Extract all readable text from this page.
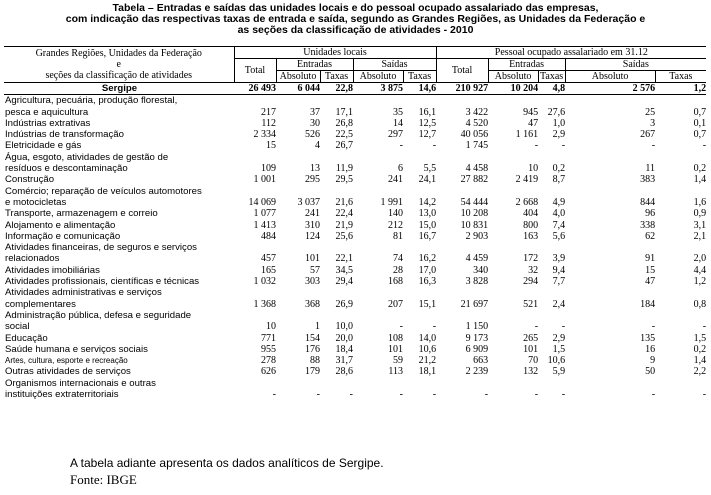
Tabela – Entradas e saídas das unidades locais e do pessoal ocupado assalariado das empresas,
com indicação das respectivas taxas de entrada e saída, segundo as Grandes Regiões, as Unidades da Federação e
as seções da classificação de atividades - 2010
Grandes Regiões, Unidades da Federação
e
seções da classificação de atividades	Unidades locais					Pessoal ocupado assalariado em 31.12				
	Total	Entradas		Saídas		Total	Entradas		Saídas	
		Absoluto	Taxas	Absoluto	Taxas		Absoluto	Taxas	Absoluto	Taxas

Sergipe	26 493	6 044	22,8	3 875	14,6	210 927	10 204	4,8	2 576	1,2

Agricultura, pecuária, produção florestal,
pesca e aquicultura	217	37	17,1	35	16,1	3 422	945	27,6	25	0,7

Indústrias extrativas	112	30	26,8	14	12,5	4 520	47	1,0	3	0,1

Indústrias de transformação	2 334	526	22,5	297	12,7	40 056	1 161	2,9	267	0,7

Eletricidade e gás	15	4	26,7	-	-	1 745	-	-	-	-

Água, esgoto, atividades de gestão de
resíduos e descontaminação	109	13	11,9	6	5,5	4 458	10	0,2	11	0,2

Construção	1 001	295	29,5	241	24,1	27 882	2 419	8,7	383	1,4

Comércio; reparação de veículos automotores
e motocicletas	14 069	3 037	21,6	1 991	14,2	54 444	2 668	4,9	844	1,6

Transporte, armazenagem e correio	1 077	241	22,4	140	13,0	10 208	404	4,0	96	0,9

Alojamento e alimentação	1 413	310	21,9	212	15,0	10 831	800	7,4	338	3,1

Informação e comunicação	484	124	25,6	81	16,7	2 903	163	5,6	62	2,1

Atividades financeiras, de seguros e serviços
relacionados	457	101	22,1	74	16,2	4 459	172	3,9	91	2,0

Atividades imobiliárias	165	57	34,5	28	17,0	340	32	9,4	15	4,4

Atividades profissionais, científicas e técnicas	1 032	303	29,4	168	16,3	3 828	294	7,7	47	1,2

Atividades administrativas e serviços
complementares	1 368	368	26,9	207	15,1	21 697	521	2,4	184	0,8

Administração pública, defesa e seguridade
social	10	1	10,0	-	-	1 150	-	-	-	-

Educação	771	154	20,0	108	14,0	9 173	265	2,9	135	1,5

Saúde humana e serviços sociais	955	176	18,4	101	10,6	6 909	101	1,5	16	0,2

Artes, cultura, esporte e recreação	278	88	31,7	59	21,2	663	70	10,6	9	1,4

Outras atividades de serviços	626	179	28,6	113	18,1	2 239	132	5,9	50	2,2

Organismos internacionais e outras
instituições extraterritoriais	-	-	-	-	-	-	-	-	-	-
A tabela adiante apresenta os dados analíticos de Sergipe.
Fonte: IBGE
